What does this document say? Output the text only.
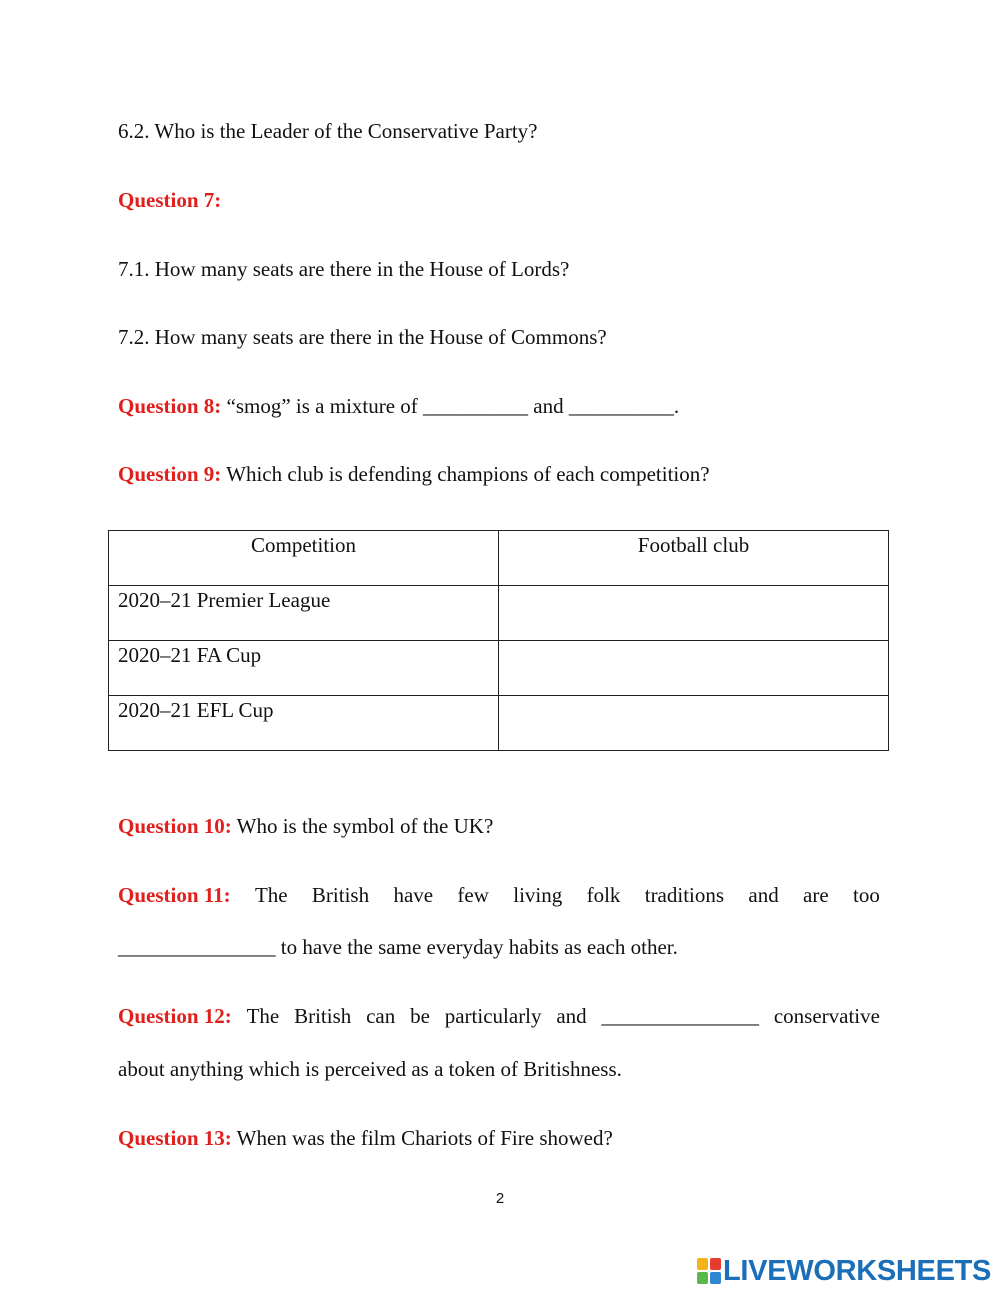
6.2. Who is the Leader of the Conservative Party?
Question 7:
7.1. How many seats are there in the House of Lords?
7.2. How many seats are there in the House of Commons?
Question 8: “smog” is a mixture of __________ and __________.
Question 9: Which club is defending champions of each competition?
Competition	Football club
2020–21 Premier League	
2020–21 FA Cup	
2020–21 EFL Cup	
Question 10: Who is the symbol of the UK?
Question 11: The British have few living folk traditions and are too
_______________ to have the same everyday habits as each other.
Question 12: The British can be particularly and _______________ conservative
about anything which is perceived as a token of Britishness.
Question 13: When was the film Chariots of Fire showed?
2
LIVEWORKSHEETS
